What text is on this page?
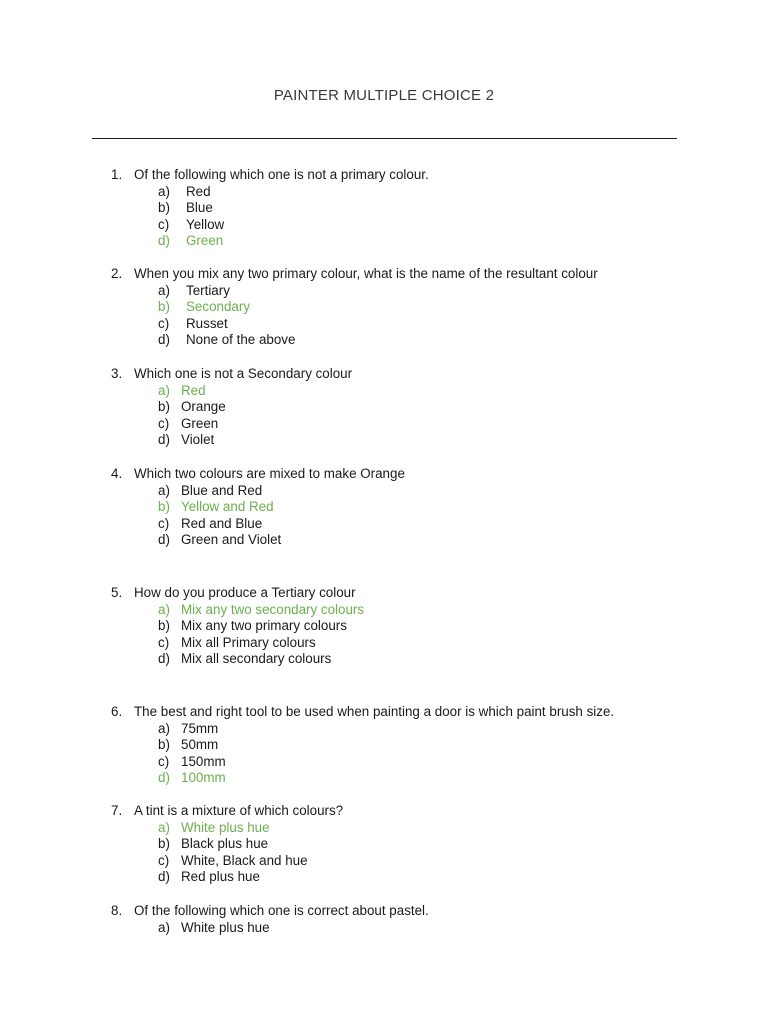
PAINTER MULTIPLE CHOICE 2
1. Of the following which one is not a primary colour.
a) Red
b) Blue
c) Yellow
d) Green
2. When you mix any two primary colour, what is the name of the resultant colour
a) Tertiary
b) Secondary
c) Russet
d) None of the above
3. Which one is not a Secondary colour
a) Red
b) Orange
c) Green
d) Violet
4. Which two colours are mixed to make Orange
a) Blue and Red
b) Yellow and Red
c) Red and Blue
d) Green and Violet
5. How do you produce a Tertiary colour
a) Mix any two secondary colours
b) Mix any two primary colours
c) Mix all Primary colours
d) Mix all secondary colours
6. The best and right tool to be used when painting a door is which paint brush size.
a) 75mm
b) 50mm
c) 150mm
d) 100mm
7. A tint is a mixture of which colours?
a) White plus hue
b) Black plus hue
c) White, Black and hue
d) Red plus hue
8. Of the following which one is correct about pastel.
a) White plus hue
